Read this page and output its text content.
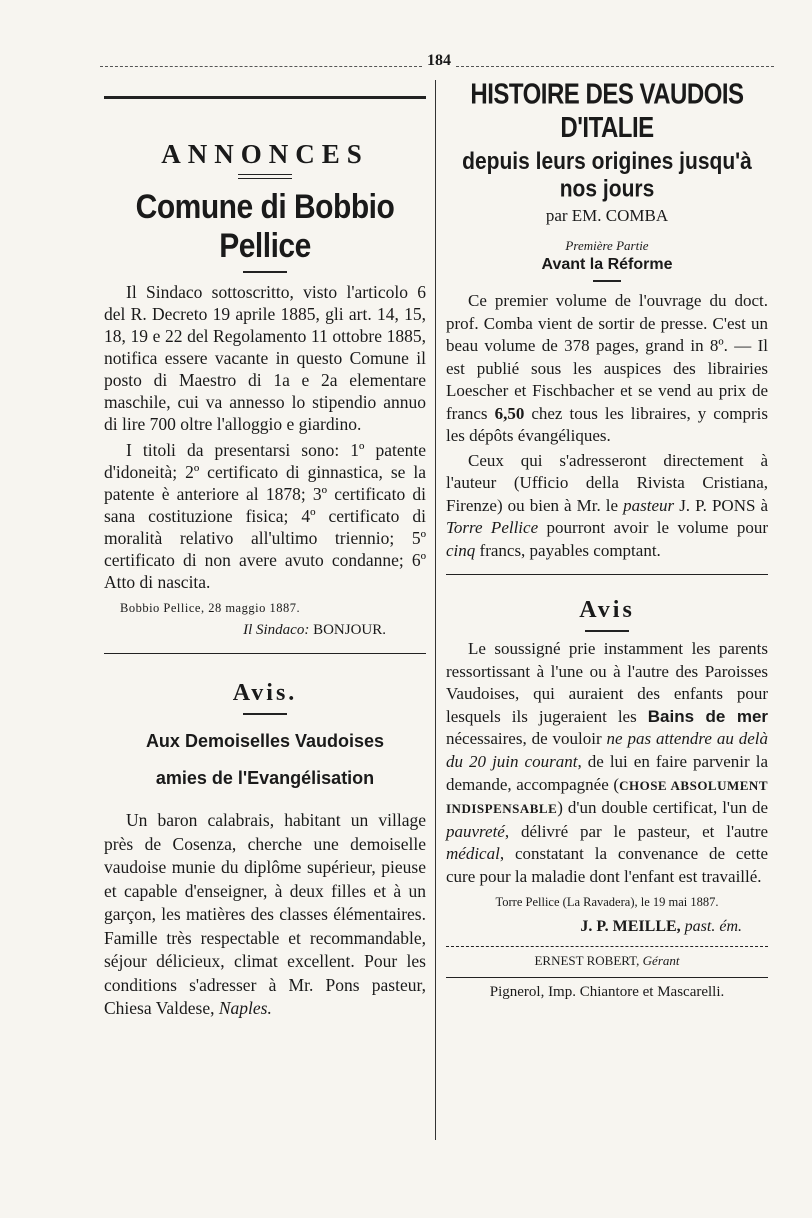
184
ANNONCES
Comune di Bobbio Pellice

Il Sindaco sottoscritto, visto l'articolo 6 del R. Decreto 19 aprile 1885, gli art. 14, 15, 18, 19 e 22 del Regolamento 11 ottobre 1885, notifica essere vacante in questo Comune il posto di Maestro di 1a e 2a elementare maschile, cui va annesso lo stipendio annuo di lire 700 oltre l'alloggio e giardino.

I titoli da presentarsi sono: 1º patente d'idoneità; 2º certificato di ginnastica, se la patente è anteriore al 1878; 3º certificato di sana costituzione fisica; 4º certificato di moralità relativo all'ultimo triennio; 5º certificato di non avere avuto condanne; 6º Atto di nascita.

Bobbio Pellice, 28 maggio 1887.
Il Sindaco: BONJOUR.
Avis.
Aux Demoiselles Vaudoises
amies de l'Evangélisation

Un baron calabrais, habitant un village près de Cosenza, cherche une demoiselle vaudoise munie du diplôme supérieur, pieuse et capable d'enseigner, à deux filles et à un garçon, les matières des classes élémentaires. Famille très respectable et recommandable, séjour délicieux, climat excellent. Pour les conditions s'adresser à Mr. Pons pasteur, Chiesa Valdese, Naples.

HISTOIRE DES VAUDOIS D'ITALIE
depuis leurs origines jusqu'à nos jours
par EM. COMBA
Première Partie
Avant la Réforme

Ce premier volume de l'ouvrage du doct. prof. Comba vient de sortir de presse. C'est un beau volume de 378 pages, grand in 8º. — Il est publié sous les auspices des librairies Loescher et Fischbacher et se vend au prix de francs 6,50 chez tous les libraires, y compris les dépôts évangéliques.

Ceux qui s'adresseront directement à l'auteur (Ufficio della Rivista Cristiana, Firenze) ou bien à Mr. le pasteur J. P. PONS à Torre Pellice pourront avoir le volume pour cinq francs, payables comptant.

Avis

Le soussigné prie instamment les parents ressortissant à l'une ou à l'autre des Paroisses Vaudoises, qui auraient des enfants pour lesquels ils jugeraient les Bains de mer nécessaires, de vouloir ne pas attendre au delà du 20 juin courant, de lui en faire parvenir la demande, accompagnée (CHOSE ABSOLUMENT INDISPENSABLE) d'un double certificat, l'un de pauvreté, délivré par le pasteur, et l'autre médical, constatant la convenance de cette cure pour la maladie dont l'enfant est travaillé.

Torre Pellice (La Ravadera), le 19 mai 1887.
J. P. MEILLE, past. ém.
ERNEST ROBERT, Gérant
Pignerol, Imp. Chiantore et Mascarelli.
